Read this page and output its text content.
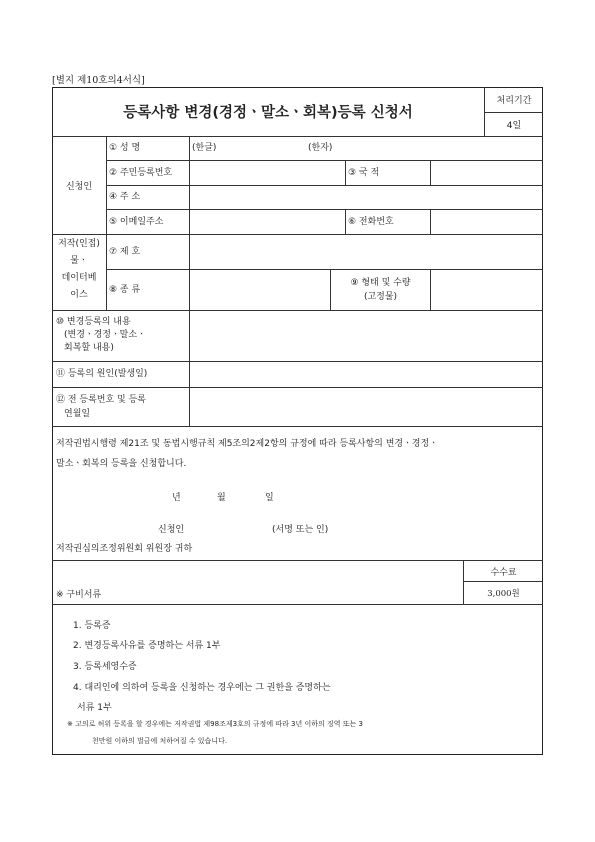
[별지 제10호의4서식]
등록사항 변경(경정ㆍ말소ㆍ회복)등록 신청서
처리기간
4일
신청인
① 성 명	(한글)	(한자)
② 주민등록번호	③ 국 적
④ 주 소
⑤ 이메일주소	⑥ 전화번호
저작(인접)
물ㆍ
데이터베
이스
⑦ 제 호
⑧ 종 류
⑨ 형태 및 수량
(고정물)
⑩ 변경등록의 내용
(변경ㆍ경정ㆍ말소ㆍ
회복할 내용)
⑪ 등록의 원인(발생일)
⑫ 전 등록번호 및 등록
연월일
저작권법시행령 제21조 및 동법시행규칙 제5조의2제2항의 규정에 따라 등록사항의 변경ㆍ경정ㆍ
말소ㆍ회복의 등록을 신청합니다.
년	월	일
신청인	(서명 또는 인)
저작권심의조정위원회 위원장 귀하
※ 구비서류
수수료
3,000원
1. 등록증
2. 변경등록사유를 증명하는 서류 1부
3. 등록세영수증
4. 대리인에 의하여 등록을 신청하는 경우에는 그 권한을 증명하는
서류 1부
※ 고의로 허위 등록을 할 경우에는 저작권법 제98조제3호의 규정에 따라 3년 이하의 징역 또는 3
천만원 이하의 벌금에 처하여질 수 있습니다.
